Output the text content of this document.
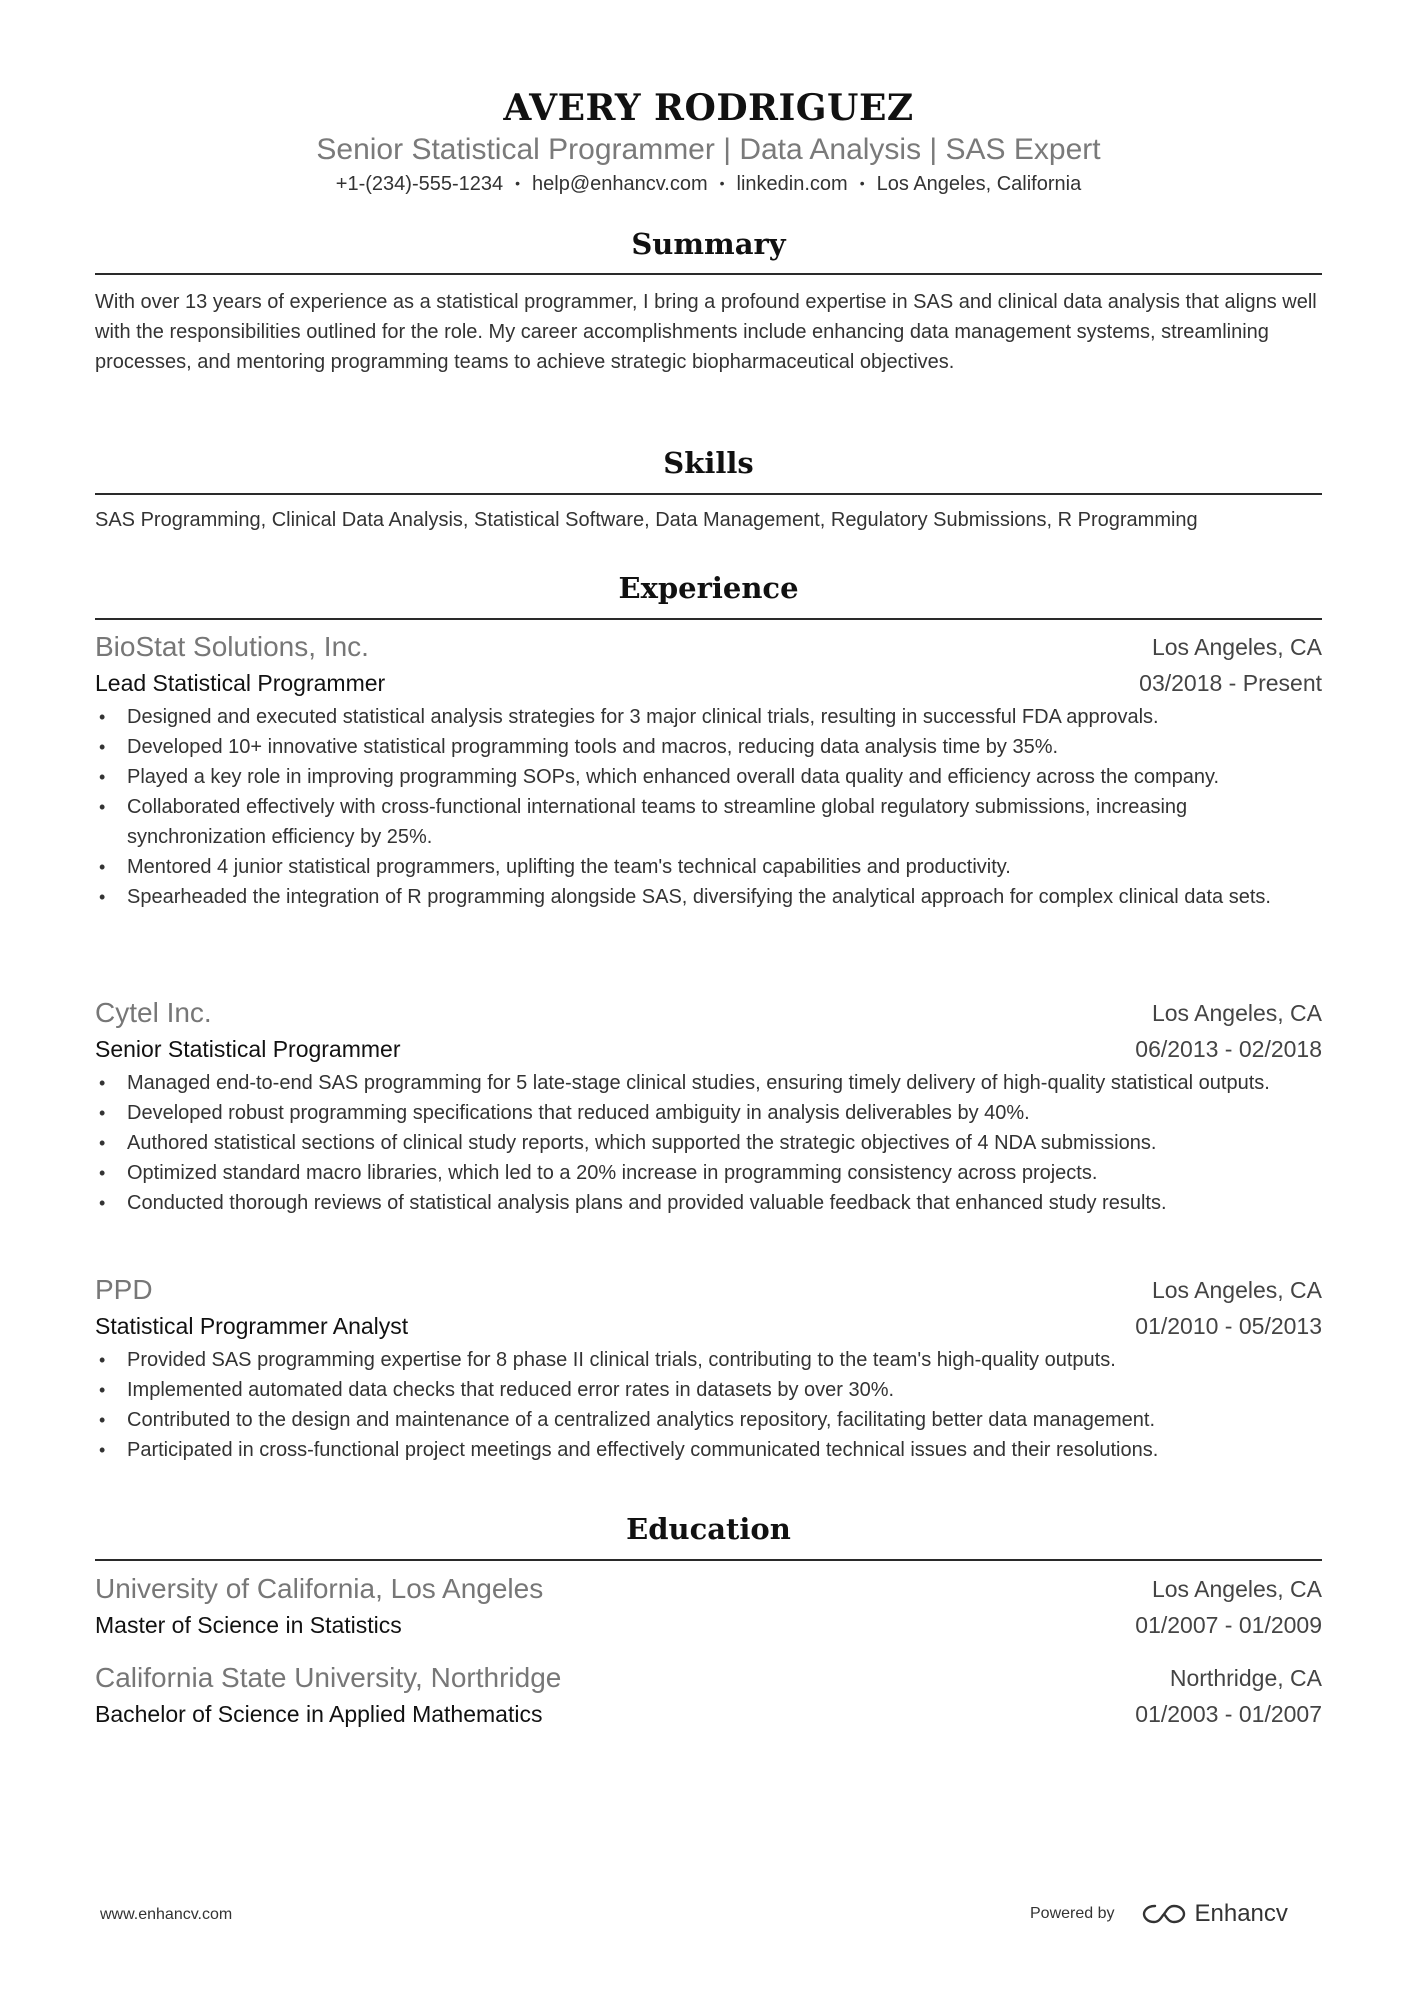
AVERY RODRIGUEZ
Senior Statistical Programmer | Data Analysis | SAS Expert
+1-(234)-555-1234 • help@enhancv.com • linkedin.com • Los Angeles, California
Summary
With over 13 years of experience as a statistical programmer, I bring a profound expertise in SAS and clinical data analysis that aligns well with the responsibilities outlined for the role. My career accomplishments include enhancing data management systems, streamlining processes, and mentoring programming teams to achieve strategic biopharmaceutical objectives.
Skills
SAS Programming, Clinical Data Analysis, Statistical Software, Data Management, Regulatory Submissions, R Programming
Experience
BioStat Solutions, Inc.	Los Angeles, CA
Lead Statistical Programmer	03/2018 - Present
• Designed and executed statistical analysis strategies for 3 major clinical trials, resulting in successful FDA approvals.
• Developed 10+ innovative statistical programming tools and macros, reducing data analysis time by 35%.
• Played a key role in improving programming SOPs, which enhanced overall data quality and efficiency across the company.
• Collaborated effectively with cross-functional international teams to streamline global regulatory submissions, increasing synchronization efficiency by 25%.
• Mentored 4 junior statistical programmers, uplifting the team's technical capabilities and productivity.
• Spearheaded the integration of R programming alongside SAS, diversifying the analytical approach for complex clinical data sets.
Cytel Inc.	Los Angeles, CA
Senior Statistical Programmer	06/2013 - 02/2018
• Managed end-to-end SAS programming for 5 late-stage clinical studies, ensuring timely delivery of high-quality statistical outputs.
• Developed robust programming specifications that reduced ambiguity in analysis deliverables by 40%.
• Authored statistical sections of clinical study reports, which supported the strategic objectives of 4 NDA submissions.
• Optimized standard macro libraries, which led to a 20% increase in programming consistency across projects.
• Conducted thorough reviews of statistical analysis plans and provided valuable feedback that enhanced study results.
PPD	Los Angeles, CA
Statistical Programmer Analyst	01/2010 - 05/2013
• Provided SAS programming expertise for 8 phase II clinical trials, contributing to the team's high-quality outputs.
• Implemented automated data checks that reduced error rates in datasets by over 30%.
• Contributed to the design and maintenance of a centralized analytics repository, facilitating better data management.
• Participated in cross-functional project meetings and effectively communicated technical issues and their resolutions.
Education
University of California, Los Angeles	Los Angeles, CA
Master of Science in Statistics	01/2007 - 01/2009
California State University, Northridge	Northridge, CA
Bachelor of Science in Applied Mathematics	01/2003 - 01/2007
www.enhancv.com	Powered by	Enhancv
